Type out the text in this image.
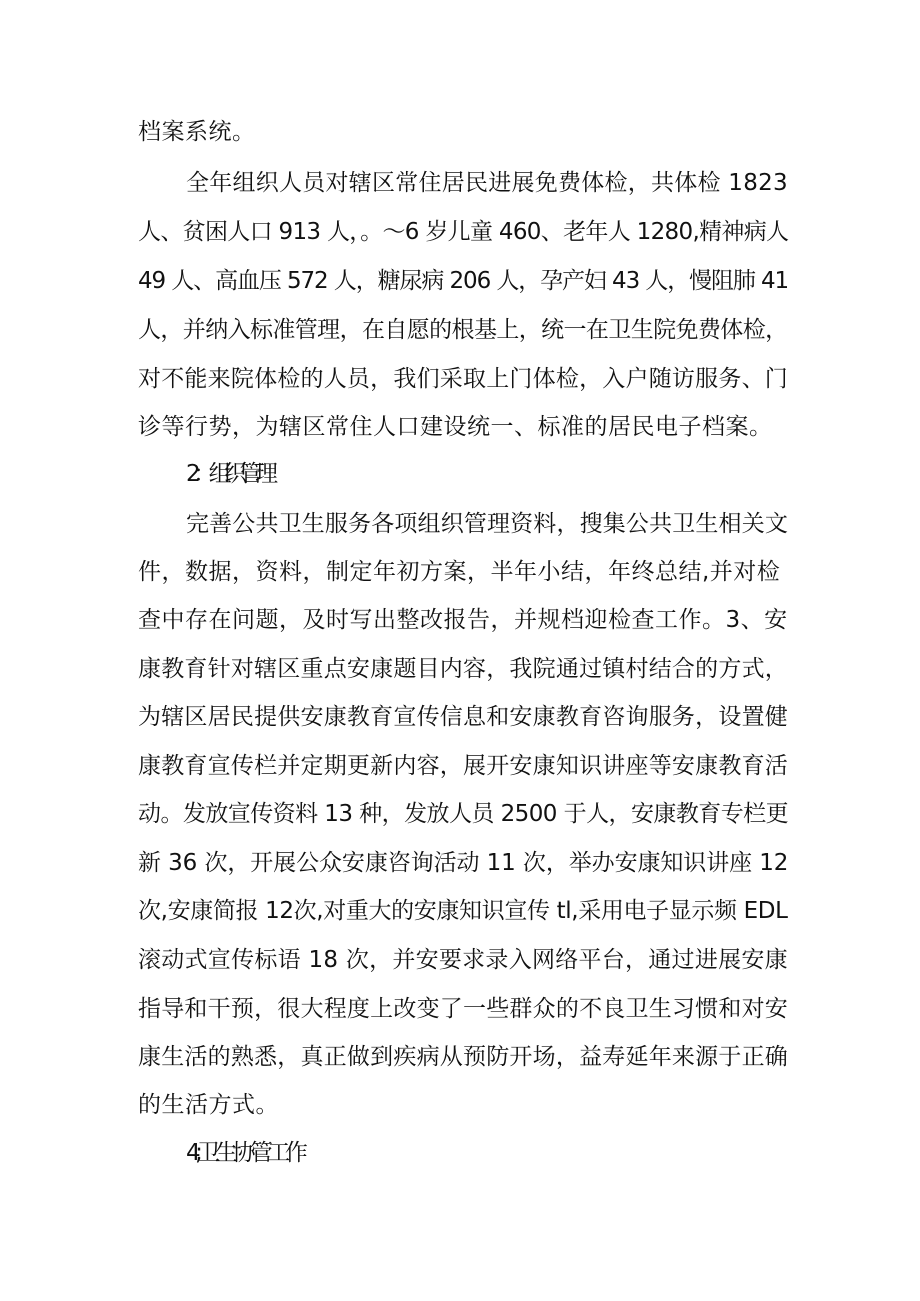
档案系统。
全年组织人员对辖区常住居民进展免费体检，共体检 1823
人、贫困人口 913 人，。～6 岁儿童 460、老年人 1280,精神病人
49 人、高血压 572 人，糖尿病 206 人，孕产妇 43 人，慢阻肺 41
人，并纳入标准管理，在自愿的根基上，统一在卫生院免费体检，
对不能来院体检的人员，我们采取上门体检，入户随访服务、门
诊等行势，为辖区常住人口建设统一、标准的居民电子档案。
2：组织管理
完善公共卫生服务各项组织管理资料，搜集公共卫生相关文
件，数据，资料，制定年初方案，半年小结，年终总结,并对检
查中存在问题，及时写出整改报告，并规档迎检查工作。3、安
康教育针对辖区重点安康题目内容，我院通过镇村结合的方式，
为辖区居民提供安康教育宣传信息和安康教育咨询服务，设置健
康教育宣传栏并定期更新内容，展开安康知识讲座等安康教育活
动。发放宣传资料 13 种，发放人员 2500 于人，安康教育专栏更
新 36 次，开展公众安康咨询活动 11 次，举办安康知识讲座 12
次,安康简报 12次,对重大的安康知识宣传 tl,采用电子显示频 EDL
滚动式宣传标语 18 次，并安要求录入网络平台，通过进展安康
指导和干预，很大程度上改变了一些群众的不良卫生习惯和对安
康生活的熟悉，真正做到疾病从预防开场，益寿延年来源于正确
的生活方式。
4;卫生协管工作
